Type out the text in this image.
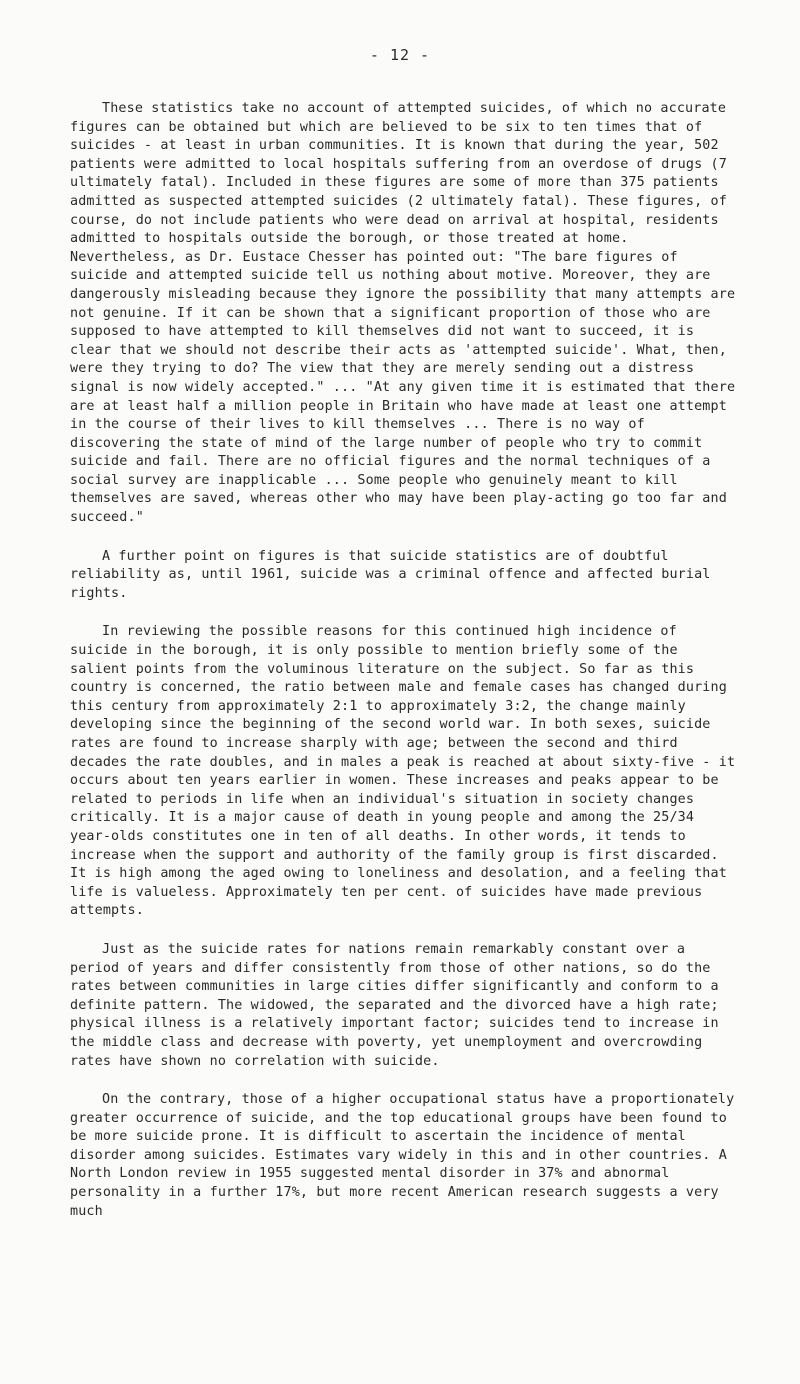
- 12 -

These statistics take no account of attempted suicides, of which no accurate figures can be obtained but which are believed to be six to ten times that of suicides - at least in urban communities. It is known that during the year, 502 patients were admitted to local hospitals suffering from an overdose of drugs (7 ultimately fatal). Included in these figures are some of more than 375 patients admitted as suspected attempted suicides (2 ultimately fatal). These figures, of course, do not include patients who were dead on arrival at hospital, residents admitted to hospitals outside the borough, or those treated at home. Nevertheless, as Dr. Eustace Chesser has pointed out: "The bare figures of suicide and attempted suicide tell us nothing about motive. Moreover, they are dangerously misleading because they ignore the possibility that many attempts are not genuine. If it can be shown that a significant proportion of those who are supposed to have attempted to kill themselves did not want to succeed, it is clear that we should not describe their acts as 'attempted suicide'. What, then, were they trying to do? The view that they are merely sending out a distress signal is now widely accepted." ... "At any given time it is estimated that there are at least half a million people in Britain who have made at least one attempt in the course of their lives to kill themselves ... There is no way of discovering the state of mind of the large number of people who try to commit suicide and fail. There are no official figures and the normal techniques of a social survey are inapplicable ... Some people who genuinely meant to kill themselves are saved, whereas other who may have been play-acting go too far and succeed."

A further point on figures is that suicide statistics are of doubtful reliability as, until 1961, suicide was a criminal offence and affected burial rights.

In reviewing the possible reasons for this continued high incidence of suicide in the borough, it is only possible to mention briefly some of the salient points from the voluminous literature on the subject. So far as this country is concerned, the ratio between male and female cases has changed during this century from approximately 2:1 to approximately 3:2, the change mainly developing since the beginning of the second world war. In both sexes, suicide rates are found to increase sharply with age; between the second and third decades the rate doubles, and in males a peak is reached at about sixty-five - it occurs about ten years earlier in women. These increases and peaks appear to be related to periods in life when an individual's situation in society changes critically. It is a major cause of death in young people and among the 25/34 year-olds constitutes one in ten of all deaths. In other words, it tends to increase when the support and authority of the family group is first discarded. It is high among the aged owing to loneliness and desolation, and a feeling that life is valueless. Approximately ten per cent. of suicides have made previous attempts.

Just as the suicide rates for nations remain remarkably constant over a period of years and differ consistently from those of other nations, so do the rates between communities in large cities differ significantly and conform to a definite pattern. The widowed, the separated and the divorced have a high rate; physical illness is a relatively important factor; suicides tend to increase in the middle class and decrease with poverty, yet unemployment and overcrowding rates have shown no correlation with suicide.

On the contrary, those of a higher occupational status have a proportionately greater occurrence of suicide, and the top educational groups have been found to be more suicide prone. It is difficult to ascertain the incidence of mental disorder among suicides. Estimates vary widely in this and in other countries. A North London review in 1955 suggested mental disorder in 37% and abnormal personality in a further 17%, but more recent American research suggests a very much
